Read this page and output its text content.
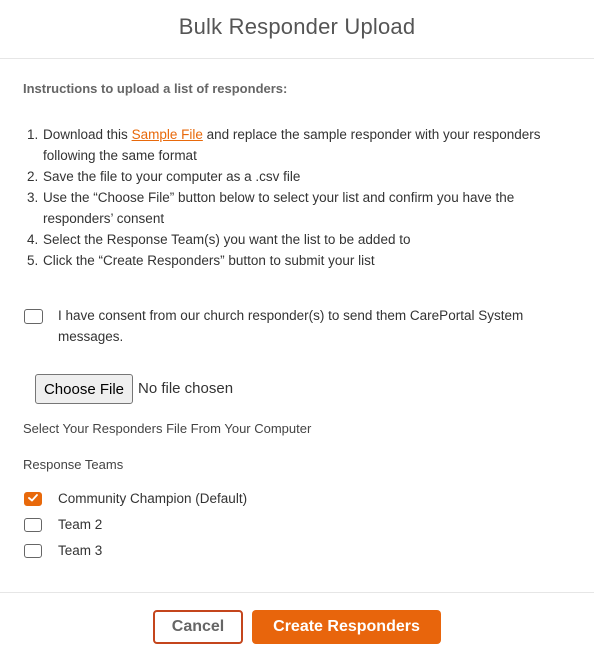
Bulk Responder Upload
Instructions to upload a list of responders:
1. Download this Sample File and replace the sample responder with your responders following the same format
2. Save the file to your computer as a .csv file
3. Use the “Choose File” button below to select your list and confirm you have the responders’ consent
4. Select the Response Team(s) you want the list to be added to
5. Click the “Create Responders” button to submit your list
I have consent from our church responder(s) to send them CarePortal System messages.
Choose File No file chosen
Select Your Responders File From Your Computer
Response Teams
Community Champion (Default)
Team 2
Team 3
Cancel	Create Responders
